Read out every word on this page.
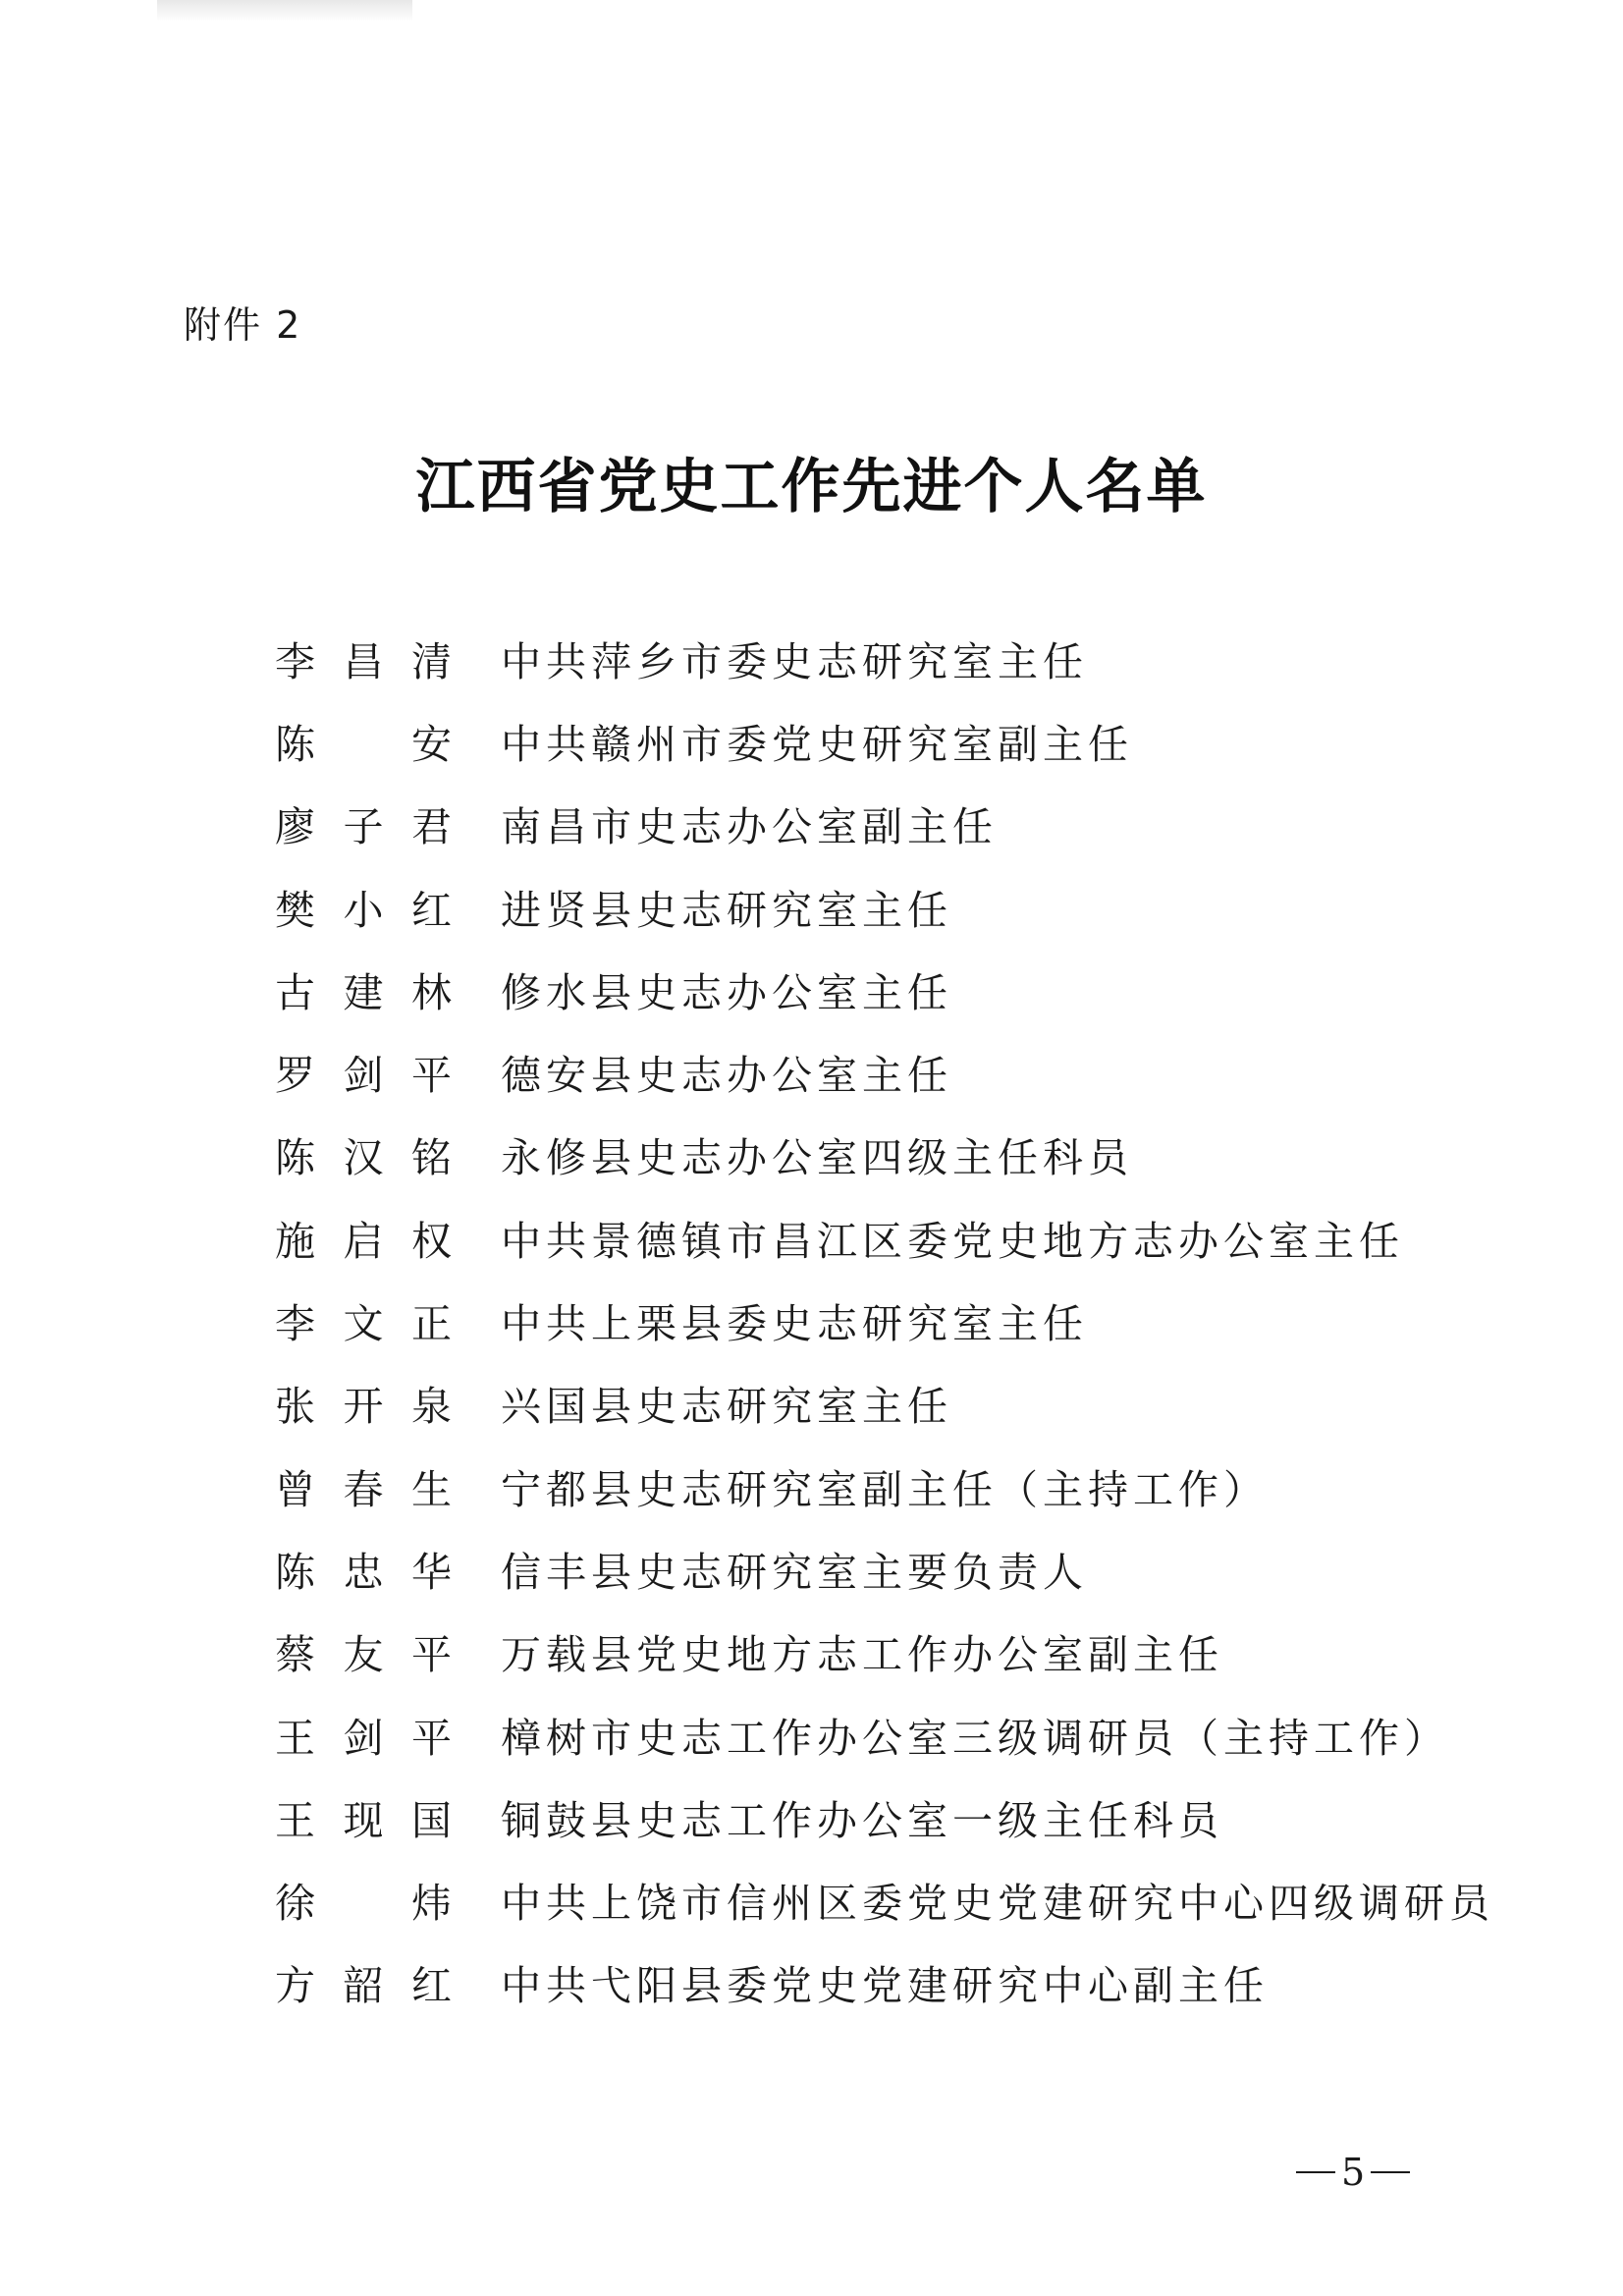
附件 2
江西省党史工作先进个人名单
李昌清 中共萍乡市委史志研究室主任
陈安 中共赣州市委党史研究室副主任
廖子君 南昌市史志办公室副主任
樊小红 进贤县史志研究室主任
古建林 修水县史志办公室主任
罗剑平 德安县史志办公室主任
陈汉铭 永修县史志办公室四级主任科员
施启权 中共景德镇市昌江区委党史地方志办公室主任
李文正 中共上栗县委史志研究室主任
张开泉 兴国县史志研究室主任
曾春生 宁都县史志研究室副主任（主持工作）
陈忠华 信丰县史志研究室主要负责人
蔡友平 万载县党史地方志工作办公室副主任
王剑平 樟树市史志工作办公室三级调研员（主持工作）
王现国 铜鼓县史志工作办公室一级主任科员
徐炜 中共上饶市信州区委党史党建研究中心四级调研员
方韶红 中共弋阳县委党史党建研究中心副主任
5
